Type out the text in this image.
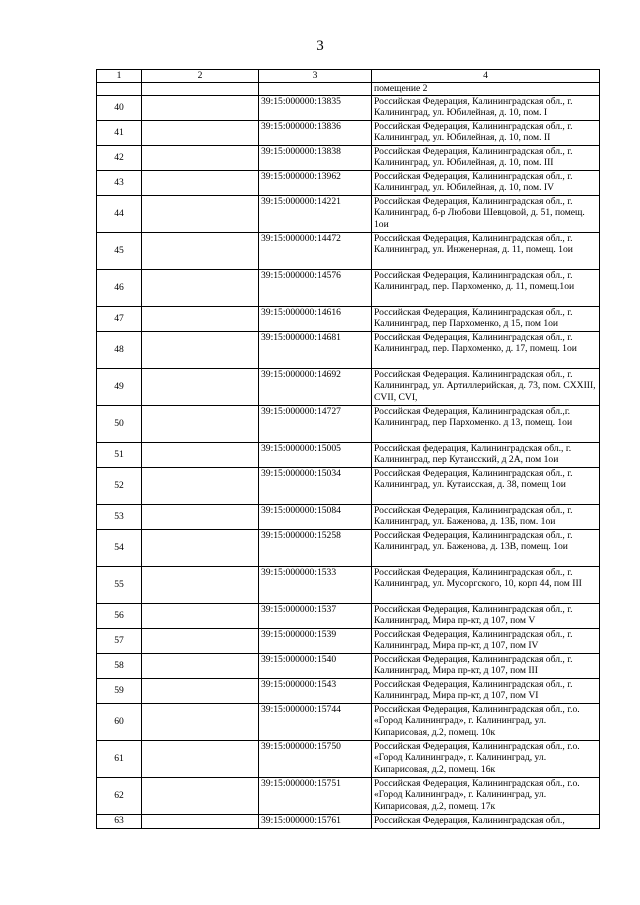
3
1	2	3	4
			помещение 2
40		39:15:000000:13835	Российская Федерация, Калининградская обл., г. Калининград, ул. Юбилейная, д. 10, пом. I
41		39:15:000000:13836	Российская Федерация, Калининградская обл., г. Калининград, ул. Юбилейная, д. 10, пом. II
42		39:15:000000:13838	Российская Федерация, Калининградская обл., г. Калининград, ул. Юбилейная, д. 10, пом. III
43		39:15:000000:13962	Российская Федерация, Калининградская обл., г. Калининград, ул. Юбилейная, д. 10, пом. IV
44		39:15:000000:14221	Российская Федерация, Калининградская обл., г. Калининград, б-р Любови Шевцовой, д. 51, помещ. 1ои
45		39:15:000000:14472	Российская Федерация, Калининградская обл., г. Калининград, ул. Инженерная, д. 11, помещ. 1ои
46		39:15:000000:14576	Российская Федерация, Калининградская обл., г. Калининград, пер. Пархоменко, д. 11, помещ.1ои
47		39:15:000000:14616	Российская Федерация, Калининградская обл., г. Калининград, пер Пархоменко, д 15, пом 1ои
48		39:15:000000:14681	Российская Федерация, Калининградская обл., г. Калининград, пер. Пархоменко, д. 17, помещ. 1ои
49		39:15:000000:14692	Российская Федерация. Калининградская обл., г. Калининград, ул. Артиллерийская, д. 73, пом. CXXIII, CVII, CVI,
50		39:15:000000:14727	Российская Федерация, Калининградская обл.,г. Калининград, пер Пархоменко. д 13, помещ. 1ои
51		39:15:000000:15005	Российская федерация, Калининградская обл., г. Калининград, пер Кутаисский, д 2А, пом 1ои
52		39:15:000000:15034	Российская Федерация, Калининградская обл., г. Калининград, ул. Кутаисская, д. 38, помещ 1ои
53		39:15:000000:15084	Российская Федерация, Калининградская обл., г. Калининград, ул. Баженова, д. 13Б, пом. 1ои
54		39:15:000000:15258	Российская Федерация, Калининградская обл., г. Калининград, ул. Баженова, д. 13В, помещ. 1ои
55		39:15:000000:1533	Российская Федерация, Калининградская обл., г. Калининград, ул. Мусоргского, 10, корп 44, пом III
56		39:15:000000:1537	Российская Федерация, Калининградская обл., г. Калининград, Мира пр-кт, д 107, пом V
57		39:15:000000:1539	Российская Федерация, Калининградская обл., г. Калининград, Мира пр-кт, д 107, пом IV
58		39:15:000000:1540	Российская Федерация, Калининградская обл., г. Калининград, Мира пр-кт, д 107, пом III
59		39:15:000000:1543	Российская Федерация, Калининградская обл., г. Калининград, Мира пр-кт, д 107, пом VI
60		39:15:000000:15744	Российская Федерация, Калининградская обл., г.о. «Город Калининград», г. Калининград, ул. Кипарисовая, д.2, помещ. 10к
61		39:15:000000:15750	Российская Федерация, Калининградская обл., г.о. «Город Калининград», г. Калининград, ул. Кипарисовая, д.2, помещ. 16к
62		39:15:000000:15751	Российская Федерация, Калининградская обл., г.о. «Город Калининград», г. Калининград, ул. Кипарисовая, д.2, помещ. 17к
63		39:15:000000:15761	Российская Федерация, Калининградская обл.,
